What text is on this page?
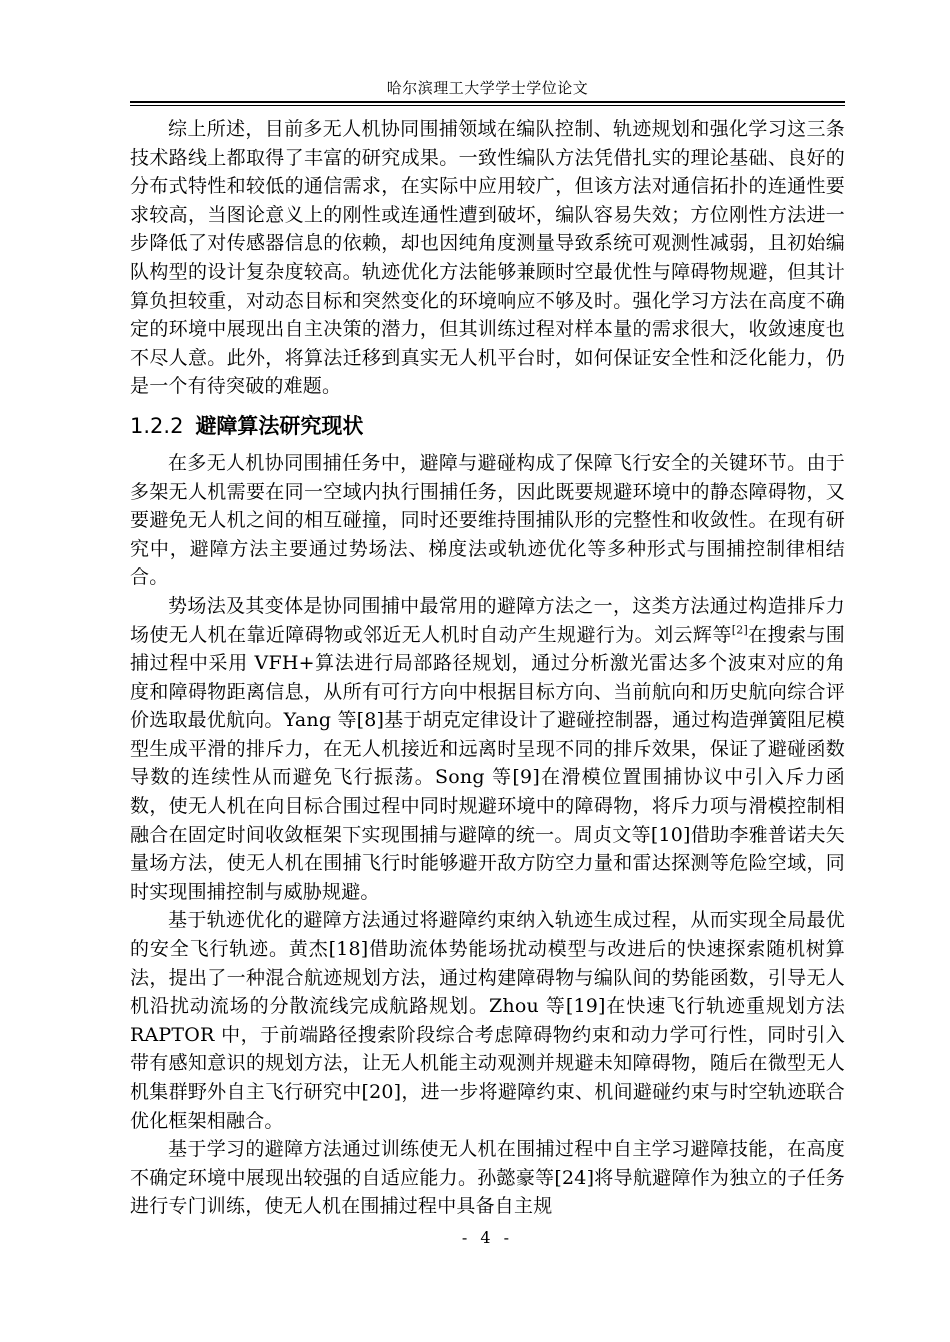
哈尔滨理工大学学士学位论文

综上所述，目前多无人机协同围捕领域在编队控制、轨迹规划和强化学习这三条技术路线上都取得了丰富的研究成果。一致性编队方法凭借扎实的理论基础、良好的分布式特性和较低的通信需求，在实际中应用较广，但该方法对通信拓扑的连通性要求较高，当图论意义上的刚性或连通性遭到破坏，编队容易失效；方位刚性方法进一步降低了对传感器信息的依赖，却也因纯角度测量导致系统可观测性减弱，且初始编队构型的设计复杂度较高。轨迹优化方法能够兼顾时空最优性与障碍物规避，但其计算负担较重，对动态目标和突然变化的环境响应不够及时。强化学习方法在高度不确定的环境中展现出自主决策的潜力，但其训练过程对样本量的需求很大，收敛速度也不尽人意。此外，将算法迁移到真实无人机平台时，如何保证安全性和泛化能力，仍是一个有待突破的难题。

1.2.2 避障算法研究现状

在多无人机协同围捕任务中，避障与避碰构成了保障飞行安全的关键环节。由于多架无人机需要在同一空域内执行围捕任务，因此既要规避环境中的静态障碍物，又要避免无人机之间的相互碰撞，同时还要维持围捕队形的完整性和收敛性。在现有研究中，避障方法主要通过势场法、梯度法或轨迹优化等多种形式与围捕控制律相结合。

势场法及其变体是协同围捕中最常用的避障方法之一，这类方法通过构造排斥力场使无人机在靠近障碍物或邻近无人机时自动产生规避行为。刘云辉等[2]在搜索与围捕过程中采用 VFH+算法进行局部路径规划，通过分析激光雷达多个波束对应的角度和障碍物距离信息，从所有可行方向中根据目标方向、当前航向和历史航向综合评价选取最优航向。Yang 等[8]基于胡克定律设计了避碰控制器，通过构造弹簧阻尼模型生成平滑的排斥力，在无人机接近和远离时呈现不同的排斥效果，保证了避碰函数导数的连续性从而避免飞行振荡。Song 等[9]在滑模位置围捕协议中引入斥力函数，使无人机在向目标合围过程中同时规避环境中的障碍物，将斥力项与滑模控制相融合在固定时间收敛框架下实现围捕与避障的统一。周贞文等[10]借助李雅普诺夫矢量场方法，使无人机在围捕飞行时能够避开敌方防空力量和雷达探测等危险空域，同时实现围捕控制与威胁规避。

基于轨迹优化的避障方法通过将避障约束纳入轨迹生成过程，从而实现全局最优的安全飞行轨迹。黄杰[18]借助流体势能场扰动模型与改进后的快速探索随机树算法，提出了一种混合航迹规划方法，通过构建障碍物与编队间的势能函数，引导无人机沿扰动流场的分散流线完成航路规划。Zhou 等[19]在快速飞行轨迹重规划方法 RAPTOR 中，于前端路径搜索阶段综合考虑障碍物约束和动力学可行性，同时引入带有感知意识的规划方法，让无人机能主动观测并规避未知障碍物，随后在微型无人机集群野外自主飞行研究中[20]，进一步将避障约束、机间避碰约束与时空轨迹联合优化框架相融合。

基于学习的避障方法通过训练使无人机在围捕过程中自主学习避障技能，在高度不确定环境中展现出较强的自适应能力。孙懿豪等[24]将导航避障作为独立的子任务进行专门训练，使无人机在围捕过程中具备自主规

- 4 -
